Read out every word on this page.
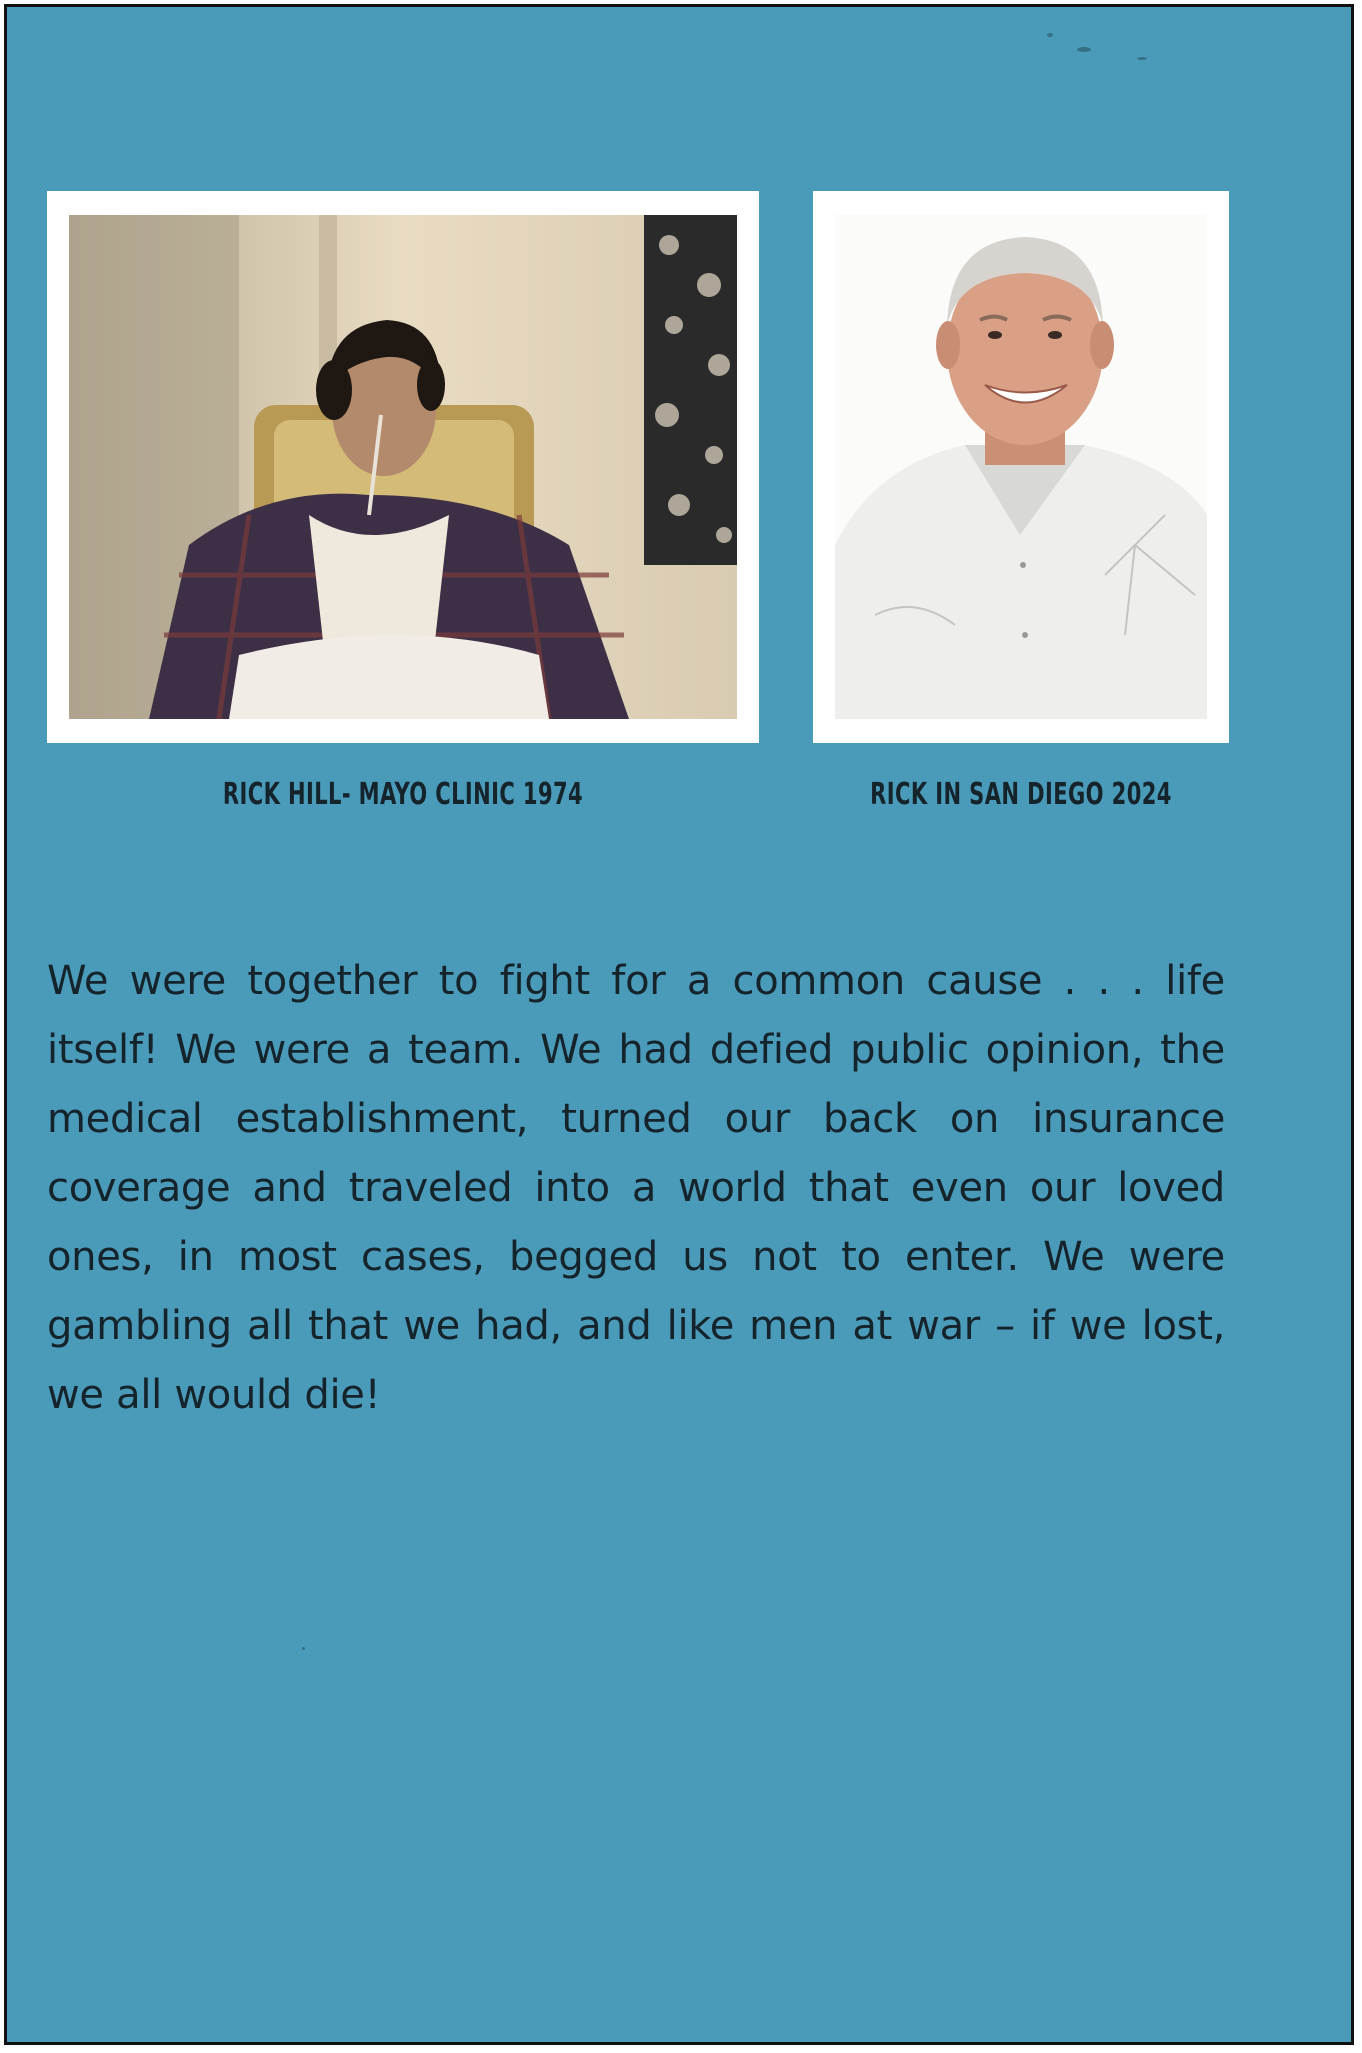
RICK HILL- MAYO CLINIC 1974	RICK IN SAN DIEGO 2024

We were together to fight for a common cause . . . life itself! We were a team. We had defied public opinion, the medical establishment, turned our back on insurance coverage and traveled into a world that even our loved ones, in most cases, begged us not to enter. We were gambling all that we had, and like men at war – if we lost, we all would die!
